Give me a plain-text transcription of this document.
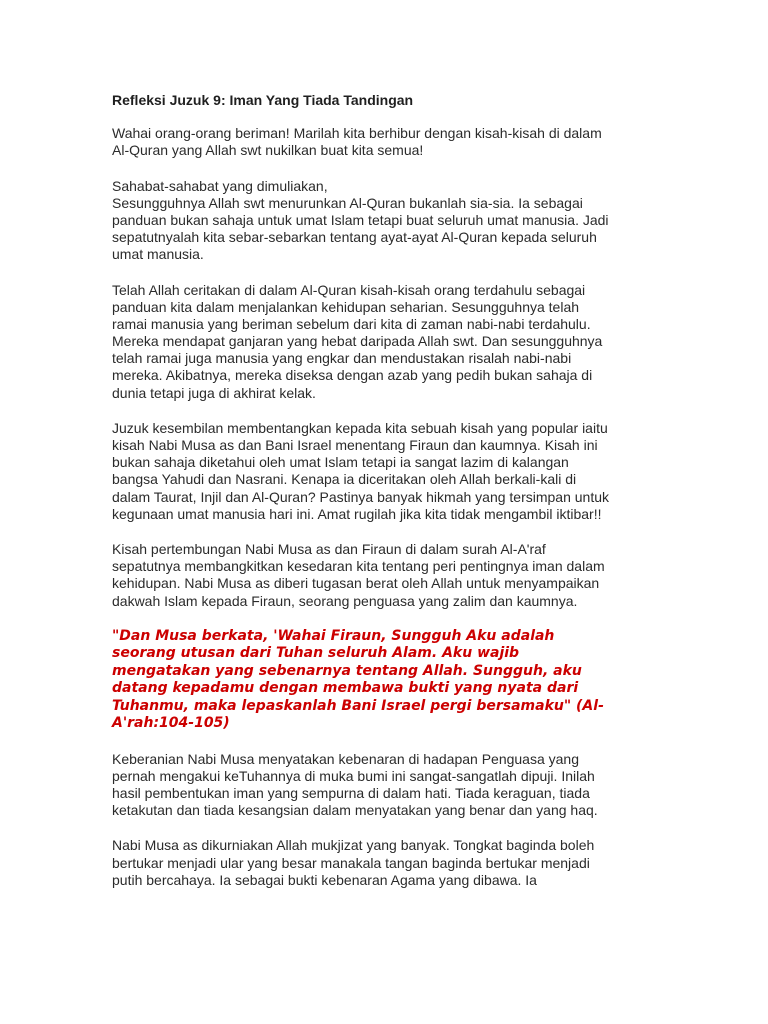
Refleksi Juzuk 9: Iman Yang Tiada Tandingan
Wahai orang-orang beriman! Marilah kita berhibur dengan kisah-kisah di dalam
Al-Quran yang Allah swt nukilkan buat kita semua!
Sahabat-sahabat yang dimuliakan,
Sesungguhnya Allah swt menurunkan Al-Quran bukanlah sia-sia. Ia sebagai
panduan bukan sahaja untuk umat Islam tetapi buat seluruh umat manusia. Jadi
sepatutnyalah kita sebar-sebarkan tentang ayat-ayat Al-Quran kepada seluruh
umat manusia.
Telah Allah ceritakan di dalam Al-Quran kisah-kisah orang terdahulu sebagai
panduan kita dalam menjalankan kehidupan seharian. Sesungguhnya telah
ramai manusia yang beriman sebelum dari kita di zaman nabi-nabi terdahulu.
Mereka mendapat ganjaran yang hebat daripada Allah swt. Dan sesungguhnya
telah ramai juga manusia yang engkar dan mendustakan risalah nabi-nabi
mereka. Akibatnya, mereka diseksa dengan azab yang pedih bukan sahaja di
dunia tetapi juga di akhirat kelak.
Juzuk kesembilan membentangkan kepada kita sebuah kisah yang popular iaitu
kisah Nabi Musa as dan Bani Israel menentang Firaun dan kaumnya. Kisah ini
bukan sahaja diketahui oleh umat Islam tetapi ia sangat lazim di kalangan
bangsa Yahudi dan Nasrani. Kenapa ia diceritakan oleh Allah berkali-kali di
dalam Taurat, Injil dan Al-Quran? Pastinya banyak hikmah yang tersimpan untuk
kegunaan umat manusia hari ini. Amat rugilah jika kita tidak mengambil iktibar!!
Kisah pertembungan Nabi Musa as dan Firaun di dalam surah Al-A'raf
sepatutnya membangkitkan kesedaran kita tentang peri pentingnya iman dalam
kehidupan. Nabi Musa as diberi tugasan berat oleh Allah untuk menyampaikan
dakwah Islam kepada Firaun, seorang penguasa yang zalim dan kaumnya.
"Dan Musa berkata, 'Wahai Firaun, Sungguh Aku adalah
seorang utusan dari Tuhan seluruh Alam. Aku wajib
mengatakan yang sebenarnya tentang Allah. Sungguh, aku
datang kepadamu dengan membawa bukti yang nyata dari
Tuhanmu, maka lepaskanlah Bani Israel pergi bersamaku" (Al-
A'rah:104-105)
Keberanian Nabi Musa menyatakan kebenaran di hadapan Penguasa yang
pernah mengakui keTuhannya di muka bumi ini sangat-sangatlah dipuji. Inilah
hasil pembentukan iman yang sempurna di dalam hati. Tiada keraguan, tiada
ketakutan dan tiada kesangsian dalam menyatakan yang benar dan yang haq.
Nabi Musa as dikurniakan Allah mukjizat yang banyak. Tongkat baginda boleh
bertukar menjadi ular yang besar manakala tangan baginda bertukar menjadi
putih bercahaya. Ia sebagai bukti kebenaran Agama yang dibawa. Ia
